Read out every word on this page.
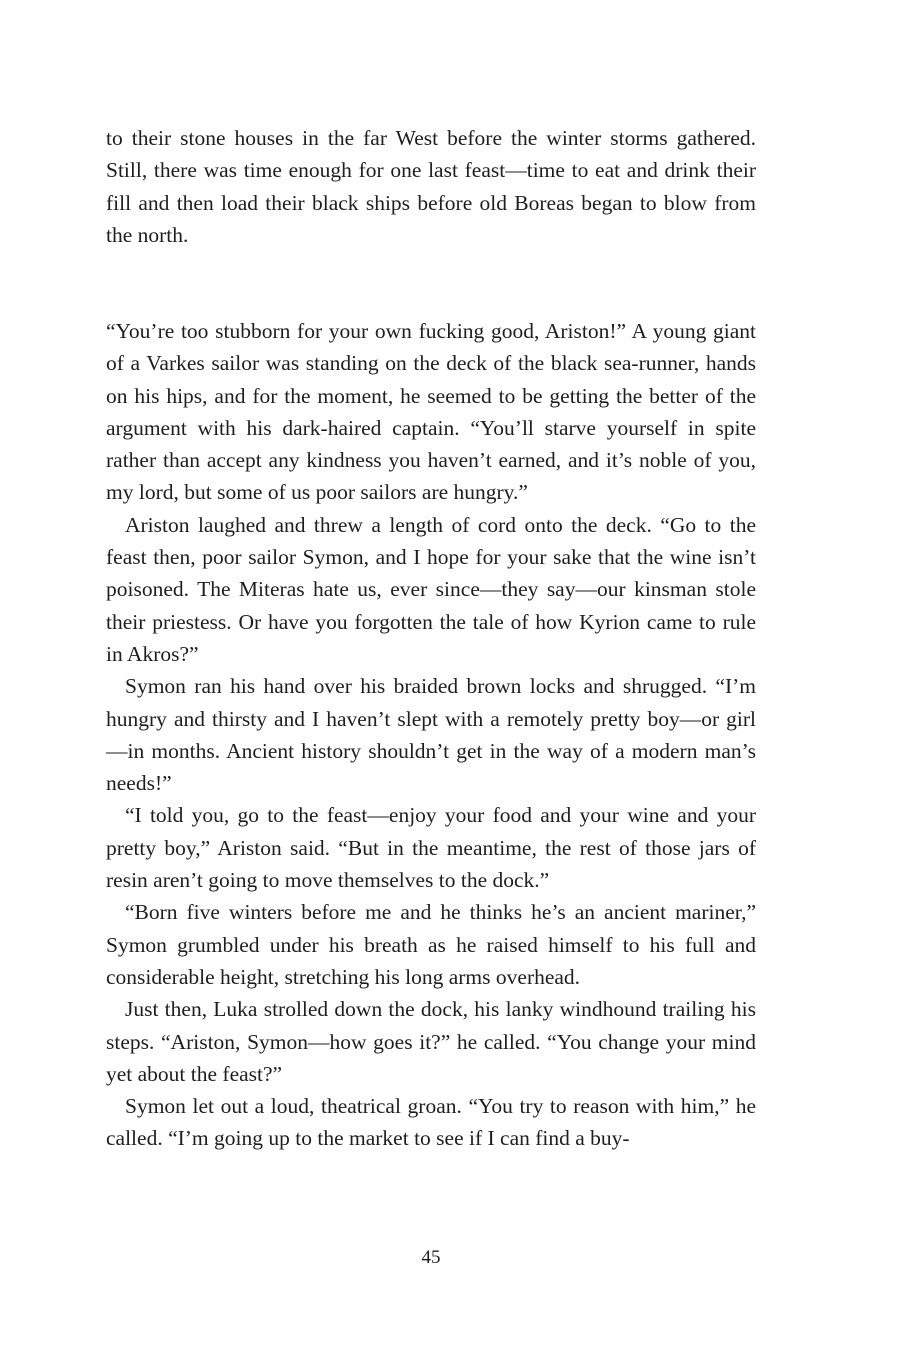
to their stone houses in the far West before the winter storms gathered. Still, there was time enough for one last feast—time to eat and drink their fill and then load their black ships before old Boreas began to blow from the north.

“You’re too stubborn for your own fucking good, Ariston!” A young giant of a Varkes sailor was standing on the deck of the black sea-runner, hands on his hips, and for the moment, he seemed to be getting the better of the argument with his dark-haired captain. “You’ll starve yourself in spite rather than accept any kindness you haven’t earned, and it’s noble of you, my lord, but some of us poor sailors are hungry.”

Ariston laughed and threw a length of cord onto the deck. “Go to the feast then, poor sailor Symon, and I hope for your sake that the wine isn’t poisoned. The Miteras hate us, ever since—they say—our kinsman stole their priestess. Or have you forgotten the tale of how Kyrion came to rule in Akros?”

Symon ran his hand over his braided brown locks and shrugged. “I’m hungry and thirsty and I haven’t slept with a remotely pretty boy—or girl—in months. Ancient history shouldn’t get in the way of a modern man’s needs!”

“I told you, go to the feast—enjoy your food and your wine and your pretty boy,” Ariston said. “But in the meantime, the rest of those jars of resin aren’t going to move themselves to the dock.”

“Born five winters before me and he thinks he’s an ancient mariner,” Symon grumbled under his breath as he raised himself to his full and considerable height, stretching his long arms overhead.

Just then, Luka strolled down the dock, his lanky windhound trailing his steps. “Ariston, Symon—how goes it?” he called. “You change your mind yet about the feast?”

Symon let out a loud, theatrical groan. “You try to reason with him,” he called. “I’m going up to the market to see if I can find a buy-

45
